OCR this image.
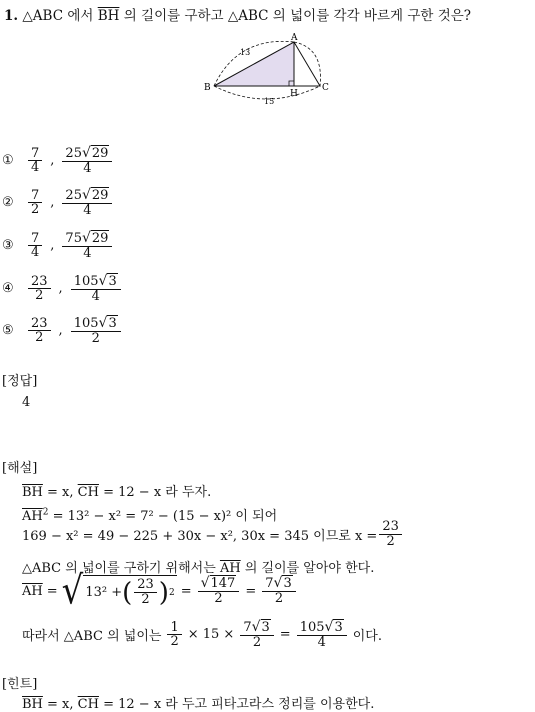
1. △ABC 에서 $\overline{BH}$ 의 길이를 구하고 △ABC 의 넓이를 각각 바르게 구한 것은?
A
B	C
H
13
15
①	$\frac{7}{4}$ , $\frac{25√29}{4}$
②	$\frac{7}{2}$ , $\frac{25√29}{4}$
③	$\frac{7}{4}$ , $\frac{75√29}{4}$
④	$\frac{23}{2}$ , $\frac{105√3}{4}$
⑤	$\frac{23}{2}$ , $\frac{105√3}{2}$
[정답]
4
[해설]
$\overline{BH} = x$, $\overline{CH} = 12 - x$ 라 두자.
$\overline{AH}^2 = 13^2 - x^2 = 7^2 - (15 - x)^2$ 이 되어
169 − x² = 49 − 225 + 30x − x², 30x = 345 이므로 $x = \frac{23}{2}$
△ABC 의 넓이를 구하기 위해서는 $\overline{AH}$ 의 길이를 알아야 한다.
$\overline{AH}$ = √ 13² + ( $\frac{23}{2}$ ) $2 = \frac{√147}{2} = \frac{7√3}{2}$
따라서 △ABC 의 넓이는 $\frac{1}{2} \times 15 \times \frac{7√3}{2} = \frac{105√3}{4}$ 이다.
[힌트]
$\overline{BH} = x$, $\overline{CH} = 12 - x$ 라 두고 피타고라스 정리를 이용한다.
